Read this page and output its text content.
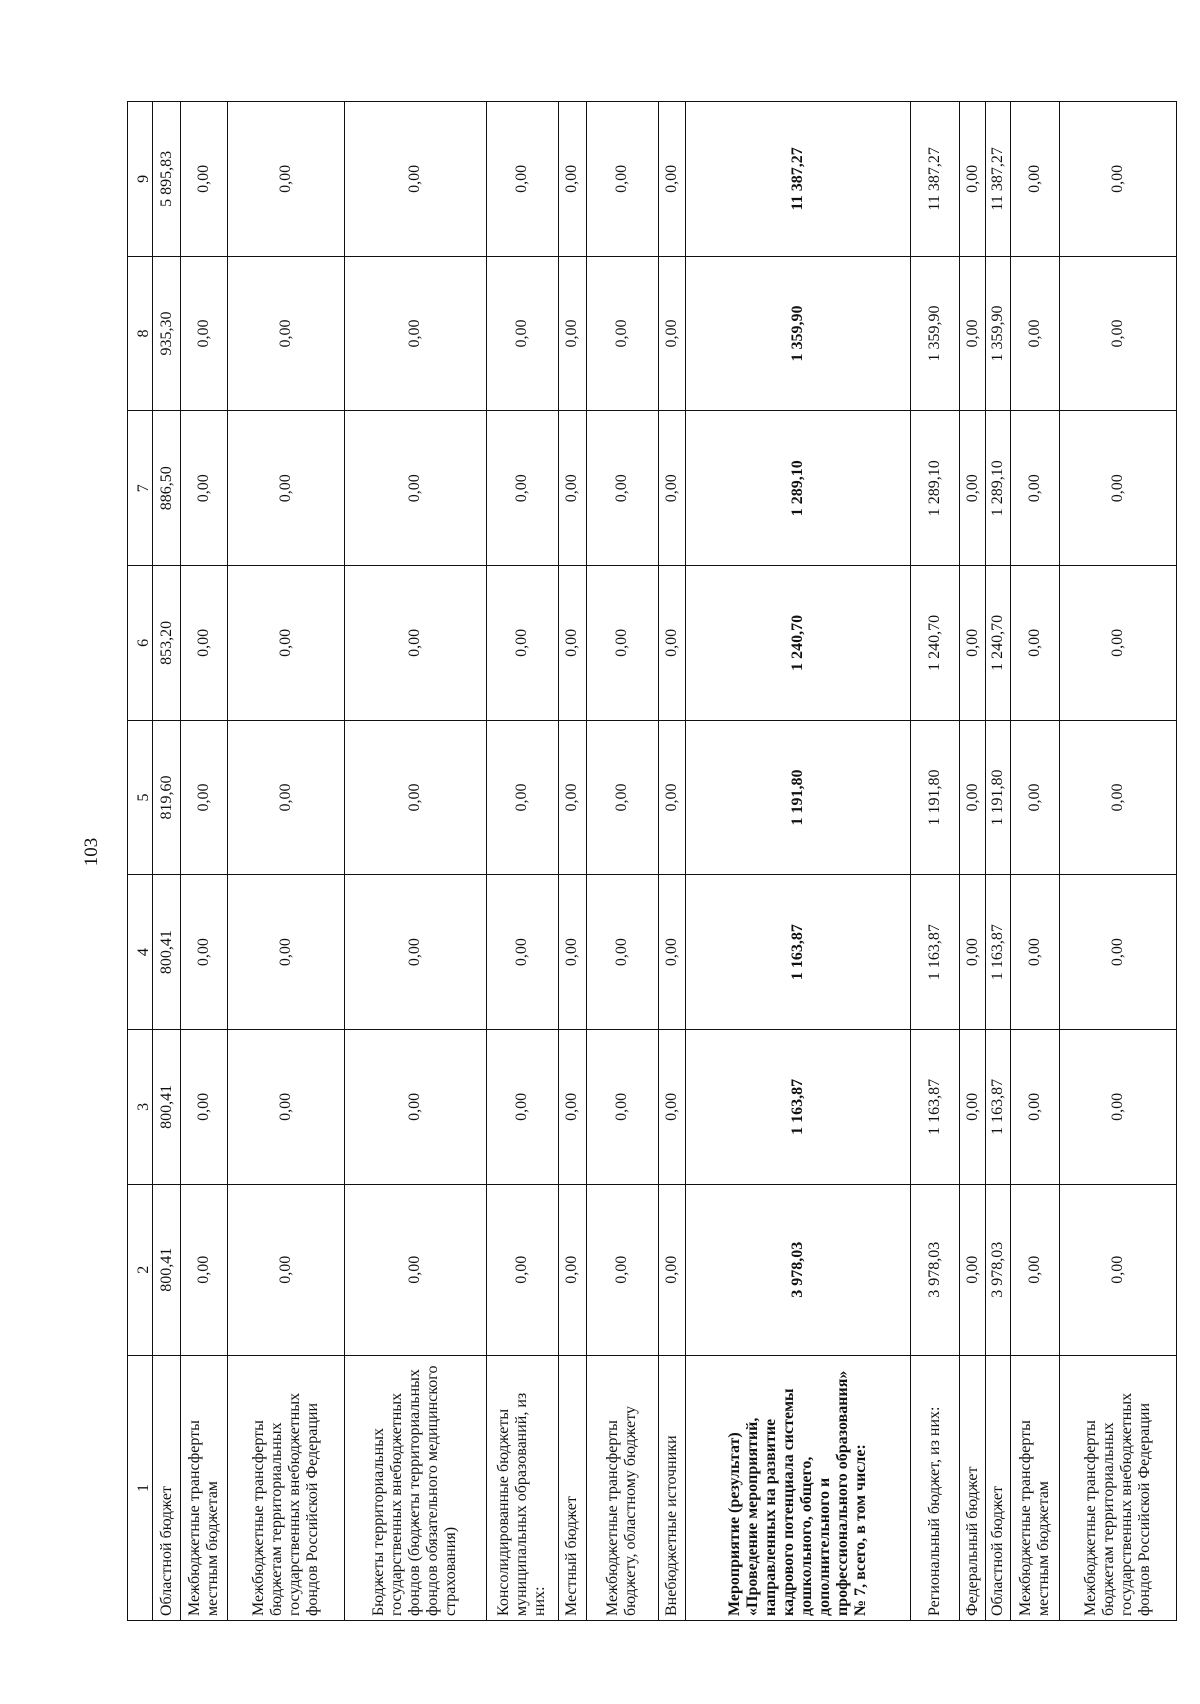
103
1	2	3	4	5	6	7	8	9
Областной бюджет	800,41	800,41	800,41	819,60	853,20	886,50	935,30	5 895,83
Межбюджетные трансферты местным бюджетам	0,00	0,00	0,00	0,00	0,00	0,00	0,00	0,00
Межбюджетные трансферты бюджетам территориальных государственных внебюджетных фондов Российской Федерации	0,00	0,00	0,00	0,00	0,00	0,00	0,00	0,00
Бюджеты территориальных государственных внебюджетных фондов (бюджеты территориальных фондов обязательного медицинского страхования)	0,00	0,00	0,00	0,00	0,00	0,00	0,00	0,00
Консолидированные бюджеты муниципальных образований, из них:	0,00	0,00	0,00	0,00	0,00	0,00	0,00	0,00
Местный бюджет	0,00	0,00	0,00	0,00	0,00	0,00	0,00	0,00
Межбюджетные трансферты бюджету, областному бюджету	0,00	0,00	0,00	0,00	0,00	0,00	0,00	0,00
Внебюджетные источники	0,00	0,00	0,00	0,00	0,00	0,00	0,00	0,00
Мероприятие (результат) «Проведение мероприятий, направленных на развитие кадрового потенциала системы дошкольного, общего, дополнительного и профессионального образования» № 7, всего, в том числе:	3 978,03	1 163,87	1 163,87	1 191,80	1 240,70	1 289,10	1 359,90	11 387,27
Региональный бюджет, из них:	3 978,03	1 163,87	1 163,87	1 191,80	1 240,70	1 289,10	1 359,90	11 387,27
Федеральный бюджет	0,00	0,00	0,00	0,00	0,00	0,00	0,00	0,00
Областной бюджет	3 978,03	1 163,87	1 163,87	1 191,80	1 240,70	1 289,10	1 359,90	11 387,27
Межбюджетные трансферты местным бюджетам	0,00	0,00	0,00	0,00	0,00	0,00	0,00	0,00
Межбюджетные трансферты бюджетам территориальных государственных внебюджетных фондов Российской Федерации	0,00	0,00	0,00	0,00	0,00	0,00	0,00	0,00
